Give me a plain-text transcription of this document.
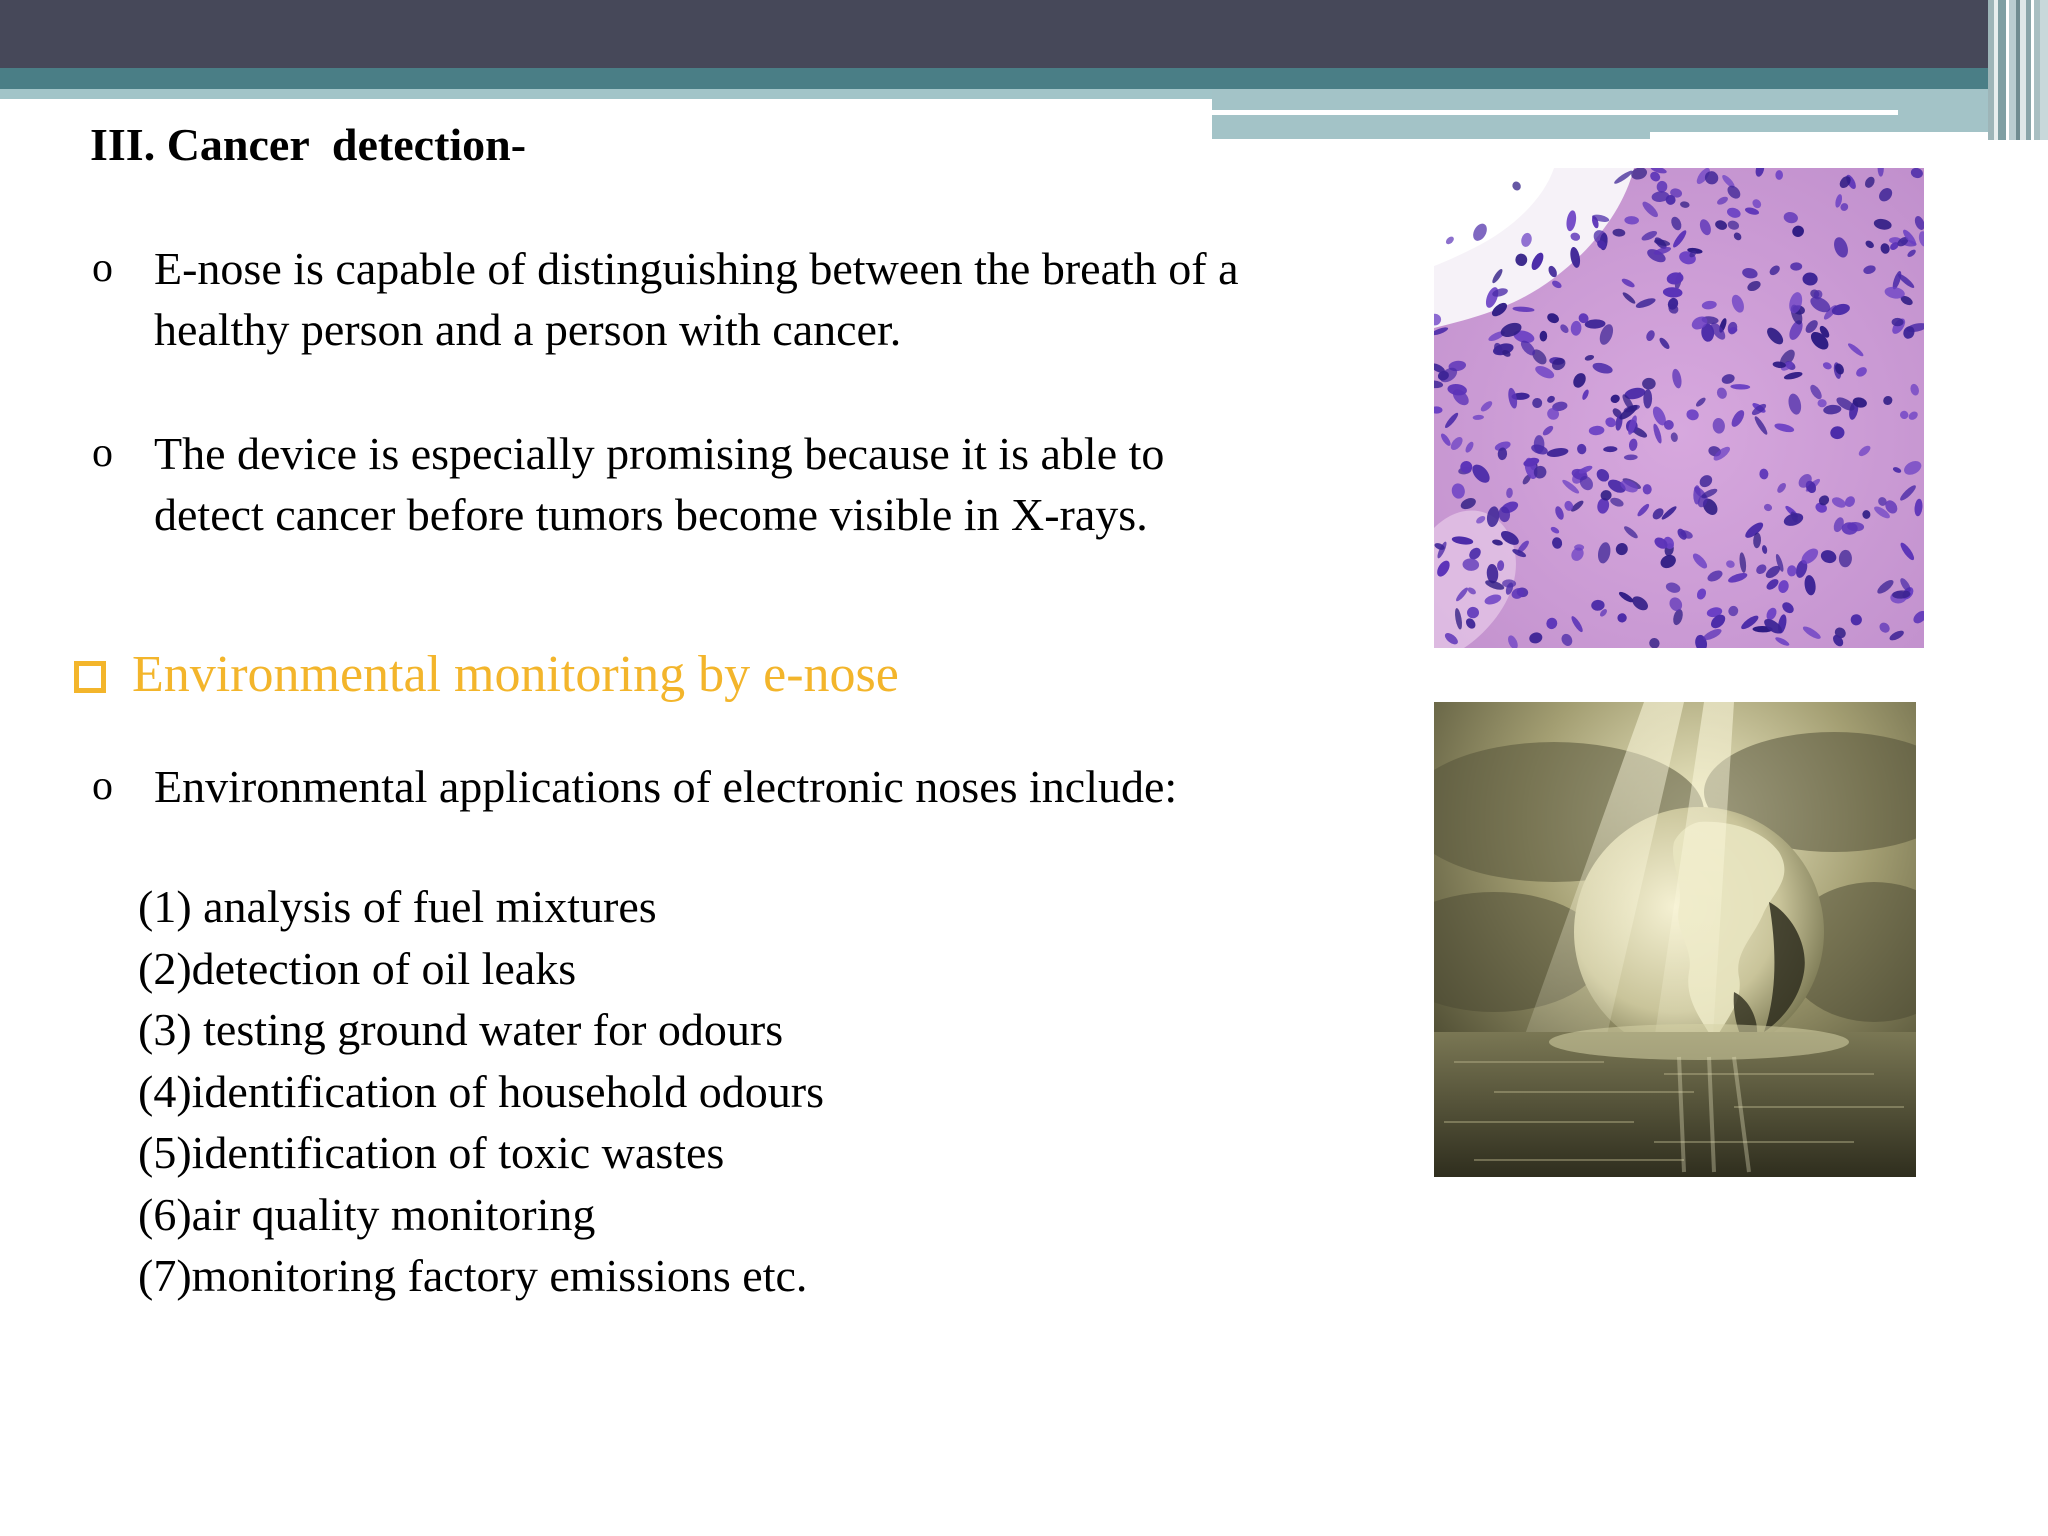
III. Cancer  detection-
o E-nose is capable of distinguishing between the breath of a
healthy person and a person with cancer.
o The device is especially promising because it is able to
detect cancer before tumors become visible in X-rays.
Environmental monitoring by e-nose
o Environmental applications of electronic noses include:
(1) analysis of fuel mixtures
(2)detection of oil leaks
(3) testing ground water for odours
(4)identification of household odours
(5)identification of toxic wastes
(6)air quality monitoring
(7)monitoring factory emissions etc.
